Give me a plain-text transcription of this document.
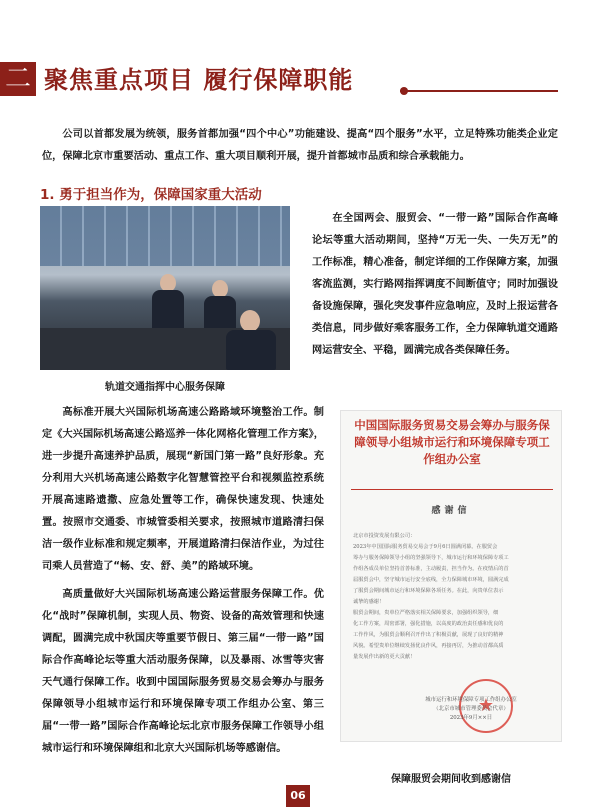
二 聚焦重点项目 履行保障职能

公司以首都发展为统领，服务首都加强“四个中心”功能建设、提高“四个服务”水平，立足特殊功能类企业定位，保障北京市重要活动、重点工作、重大项目顺利开展，提升首都城市品质和综合承载能力。

1. 勇于担当作为，保障国家重大活动
轨道交通指挥中心服务保障

在全国两会、服贸会、“一带一路”国际合作高峰论坛等重大活动期间，坚持“万无一失、一失万无”的工作标准，精心准备，制定详细的工作保障方案，加强客流监测，实行路网指挥调度不间断值守；同时加强设备设施保障，强化突发事件应急响应，及时上报运营各类信息，同步做好乘客服务工作，全力保障轨道交通路网运营安全、平稳，圆满完成各类保障任务。

高标准开展大兴国际机场高速公路路域环境整治工作。制定《大兴国际机场高速公路巡养一体化网格化管理工作方案》，进一步提升高速养护品质，展现“新国门第一路”良好形象。充分利用大兴机场高速公路数字化智慧管控平台和视频监控系统开展高速路遗撒、应急处置等工作，确保快速发现、快速处置。按照市交通委、市城管委相关要求，按照城市道路清扫保洁一级作业标准和规定频率，开展道路清扫保洁作业，为过往司乘人员营造了“畅、安、舒、美”的路域环境。

高质量做好大兴国际机场高速公路运营服务保障工作。优化“战时”保障机制，实现人员、物资、设备的高效管理和快速调配，圆满完成中秋国庆等重要节假日、第三届“一带一路”国际合作高峰论坛等重大活动服务保障，以及暴雨、冰雪等灾害天气通行保障工作。收到中国国际服务贸易交易会筹办与服务保障领导小组城市运行和环境保障专项工作组办公室、第三届“一带一路”国际合作高峰论坛北京市服务保障工作领导小组城市运行和环境保障组和北京大兴国际机场等感谢信。

中国国际服务贸易交易会筹办与服务保障领导小组城市运行和环境保障专项工作组办公室
感谢信
北京市投资发展有限公司：
2023年中国国际服务贸易交易会于9月6日圆满闭幕。在服贸会
筹办与服务保障领导小组的坚强领导下，城市运行和环境保障专项工
作组各成员单位坚持首善标准，主动履责，担当作为。在疫情后的首
届服贸会中，坚守城市运行安全底线，全力保障城市环境，圆满完成
了服贸会期间城市运行和环境保障各项任务。在此，向贵单位表示
诚挚的感谢！
服贸会期间，贵单位严格落实相关保障要求，加强组织领导，细
化工作方案，周密部署，强化措施，以高度的政治责任感和优良的
工作作风，为服贸会顺利召开作出了积极贡献，展现了良好的精神
风貌。希望贵单位继续发扬优良作风，再接再厉，为推动首都高质
量发展作出新的更大贡献！
★
城市运行和环境保障专项工作组办公室
（北京市城市管理委员会代章）
2023年9月××日
保障服贸会期间收到感谢信
06
